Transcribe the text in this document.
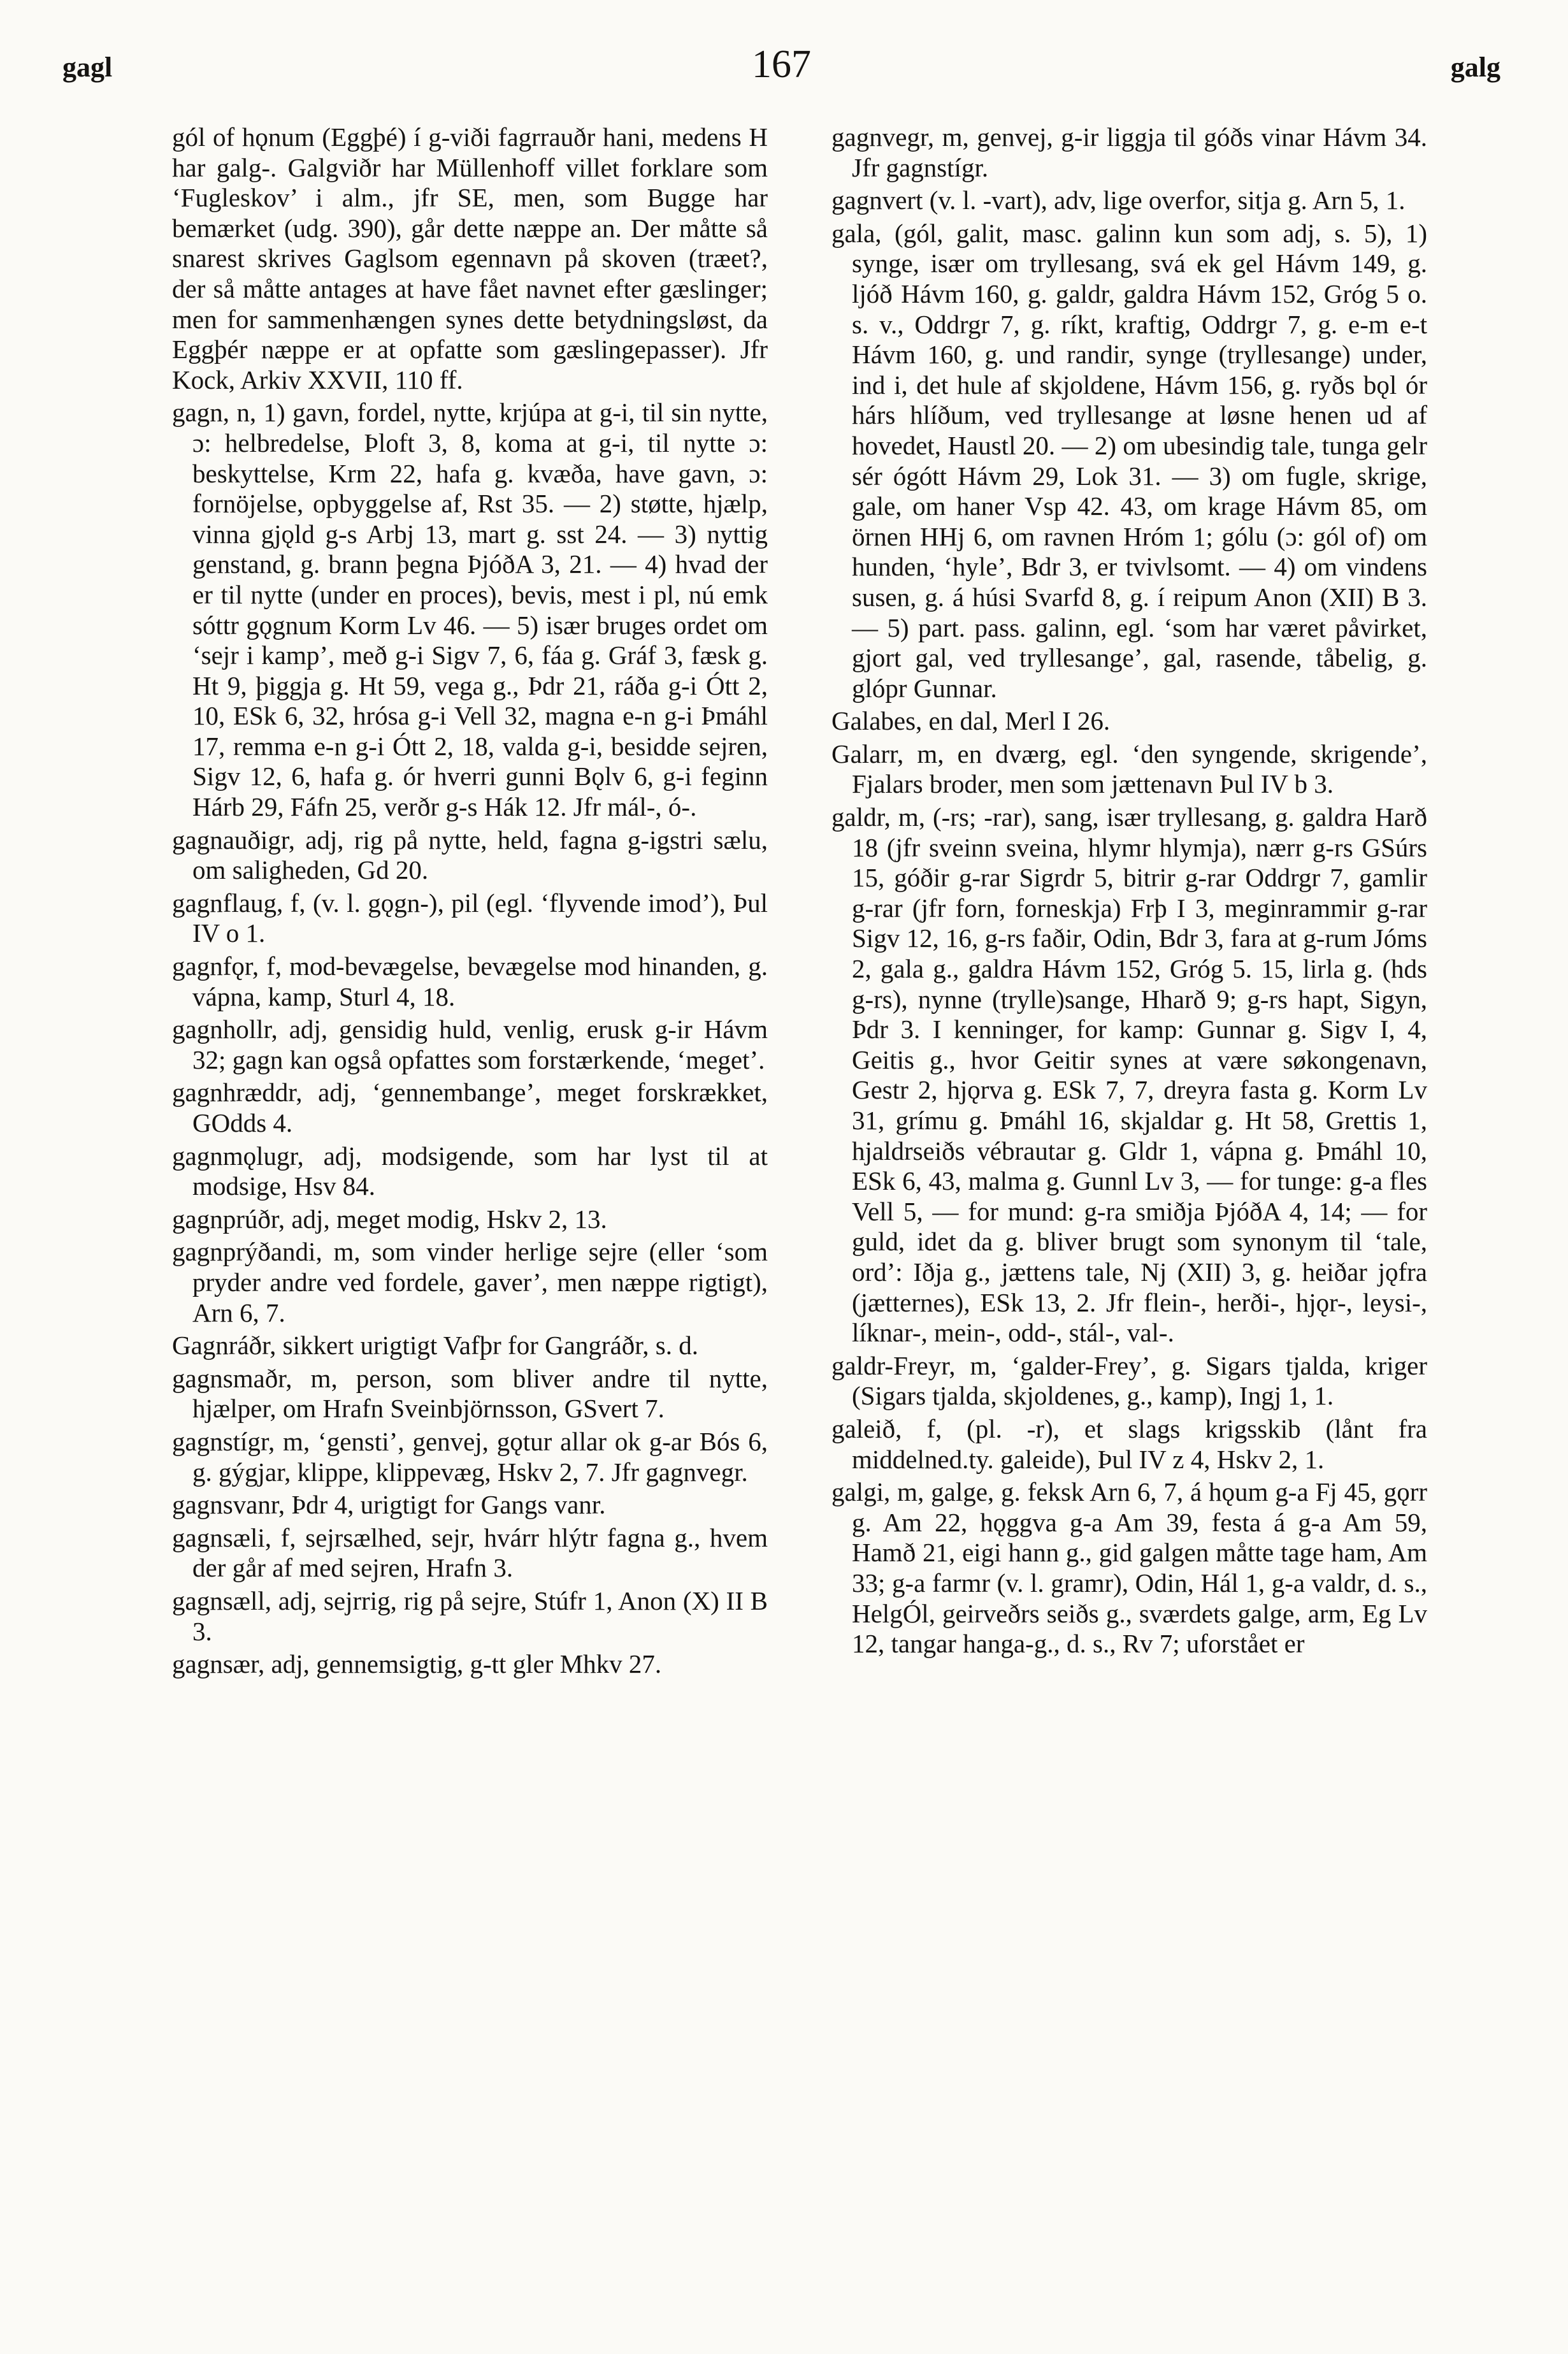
gagl	167	galg

gól of hǫnum (Eggþé) í g-viði fagrrauðr hani, medens H har galg-. Galgviðr har Müllenhoff villet forklare som ‘Fugleskov’ i alm., jfr SE, men, som Bugge har bemærket (udg. 390), går dette næppe an. Der måtte så snarest skrives Gaglsom egennavn på skoven (træet?, der så måtte antages at have fået navnet efter gæslinger; men for sammenhængen synes dette betydningsløst, da Eggþér næppe er at opfatte som gæslingepasser). Jfr Kock, Arkiv XXVII, 110 ff.

gagn, n, 1) gavn, fordel, nytte, krjúpa at g-i, til sin nytte, ɔ: helbredelse, Þloft 3, 8, koma at g-i, til nytte ɔ: beskyttelse, Krm 22, hafa g. kvæða, have gavn, ɔ: fornöjelse, opbyggelse af, Rst 35. — 2) støtte, hjælp, vinna gjǫld g-s Arbj 13, mart g. sst 24. — 3) nyttig genstand, g. brann þegna ÞjóðA 3, 21. — 4) hvad der er til nytte (under en proces), bevis, mest i pl, nú emk sóttr gǫgnum Korm Lv 46. — 5) især bruges ordet om ‘sejr i kamp’, með g-i Sigv 7, 6, fáa g. Gráf 3, fæsk g. Ht 9, þiggja g. Ht 59, vega g., Þdr 21, ráða g-i Ótt 2, 10, ESk 6, 32, hrósa g-i Vell 32, magna e-n g-i Þmáhl 17, remma e-n g-i Ótt 2, 18, valda g-i, besidde sejren, Sigv 12, 6, hafa g. ór hverri gunni Bǫlv 6, g-i feginn Hárb 29, Fáfn 25, verðr g-s Hák 12. Jfr mál-, ó-.

gagnauðigr, adj, rig på nytte, held, fagna g-igstri sælu, om saligheden, Gd 20.

gagnflaug, f, (v. l. gǫgn-), pil (egl. ‘flyvende imod’), Þul IV o 1.

gagnfǫr, f, mod-bevægelse, bevægelse mod hinanden, g. vápna, kamp, Sturl 4, 18.

gagnhollr, adj, gensidig huld, venlig, erusk g-ir Hávm 32; gagn kan også opfattes som forstærkende, ‘meget’.

gagnhræddr, adj, ‘gennembange’, meget forskrækket, GOdds 4.

gagnmǫlugr, adj, modsigende, som har lyst til at modsige, Hsv 84.

gagnprúðr, adj, meget modig, Hskv 2, 13.

gagnprýðandi, m, som vinder herlige sejre (eller ‘som pryder andre ved fordele, gaver’, men næppe rigtigt), Arn 6, 7.

Gagnráðr, sikkert urigtigt Vafþr for Gangráðr, s. d.

gagnsmaðr, m, person, som bliver andre til nytte, hjælper, om Hrafn Sveinbjörnsson, GSvert 7.

gagnstígr, m, ‘gensti’, genvej, gǫtur allar ok g-ar Bós 6, g. gýgjar, klippe, klippevæg, Hskv 2, 7. Jfr gagnvegr.

gagnsvanr, Þdr 4, urigtigt for Gangs vanr.

gagnsæli, f, sejrsælhed, sejr, hvárr hlýtr fagna g., hvem der går af med sejren, Hrafn 3.

gagnsæll, adj, sejrrig, rig på sejre, Stúfr 1, Anon (X) II B 3.

gagnsær, adj, gennemsigtig, g-tt gler Mhkv 27.

gagnvegr, m, genvej, g-ir liggja til góðs vinar Hávm 34. Jfr gagnstígr.

gagnvert (v. l. -vart), adv, lige overfor, sitja g. Arn 5, 1.

gala, (gól, galit, masc. galinn kun som adj, s. 5), 1) synge, især om tryllesang, svá ek gel Hávm 149, g. ljóð Hávm 160, g. galdr, galdra Hávm 152, Gróg 5 o. s. v., Oddrgr 7, g. ríkt, kraftig, Oddrgr 7, g. e-m e-t Hávm 160, g. und randir, synge (tryllesange) under, ind i, det hule af skjoldene, Hávm 156, g. ryðs bǫl ór hárs hlíðum, ved tryllesange at løsne henen ud af hovedet, Haustl 20. — 2) om ubesindig tale, tunga gelr sér ógótt Hávm 29, Lok 31. — 3) om fugle, skrige, gale, om haner Vsp 42. 43, om krage Hávm 85, om örnen HHj 6, om ravnen Hróm 1; gólu (ɔ: gól of) om hunden, ‘hyle’, Bdr 3, er tvivlsomt. — 4) om vindens susen, g. á húsi Svarfd 8, g. í reipum Anon (XII) B 3. — 5) part. pass. galinn, egl. ‘som har været påvirket, gjort gal, ved tryllesange’, gal, rasende, tåbelig, g. glópr Gunnar.

Galabes, en dal, Merl I 26.

Galarr, m, en dværg, egl. ‘den syngende, skrigende’, Fjalars broder, men som jættenavn Þul IV b 3.

galdr, m, (-rs; -rar), sang, især tryllesang, g. galdra Harð 18 (jfr sveinn sveina, hlymr hlymja), nærr g-rs GSúrs 15, góðir g-rar Sigrdr 5, bitrir g-rar Oddrgr 7, gamlir g-rar (jfr forn, forneskja) Frþ I 3, meginrammir g-rar Sigv 12, 16, g-rs faðir, Odin, Bdr 3, fara at g-rum Jóms 2, gala g., galdra Hávm 152, Gróg 5. 15, lirla g. (hds g-rs), nynne (trylle)sange, Hharð 9; g-rs hapt, Sigyn, Þdr 3. I kenninger, for kamp: Gunnar g. Sigv I, 4, Geitis g., hvor Geitir synes at være søkongenavn, Gestr 2, hjǫrva g. ESk 7, 7, dreyra fasta g. Korm Lv 31, grímu g. Þmáhl 16, skjaldar g. Ht 58, Grettis 1, hjaldrseiðs vébrautar g. Gldr 1, vápna g. Þmáhl 10, ESk 6, 43, malma g. Gunnl Lv 3, — for tunge: g-a fles Vell 5, — for mund: g-ra smiðja ÞjóðA 4, 14; — for guld, idet da g. bliver brugt som synonym til ‘tale, ord’: Iðja g., jættens tale, Nj (XII) 3, g. heiðar jǫfra (jætternes), ESk 13, 2. Jfr flein-, herði-, hjǫr-, leysi-, líknar-, mein-, odd-, stál-, val-.

galdr-Freyr, m, ‘galder-Frey’, g. Sigars tjalda, kriger (Sigars tjalda, skjoldenes, g., kamp), Ingj 1, 1.

galeið, f, (pl. -r), et slags krigsskib (lånt fra middelned.ty. galeide), Þul IV z 4, Hskv 2, 1.

galgi, m, galge, g. feksk Arn 6, 7, á hǫum g-a Fj 45, gǫrr g. Am 22, hǫggva g-a Am 39, festa á g-a Am 59, Hamð 21, eigi hann g., gid galgen måtte tage ham, Am 33; g-a farmr (v. l. gramr), Odin, Hál 1, g-a valdr, d. s., HelgÓl, geirveðrs seiðs g., sværdets galge, arm, Eg Lv 12, tangar hanga-g., d. s., Rv 7; uforstået er
